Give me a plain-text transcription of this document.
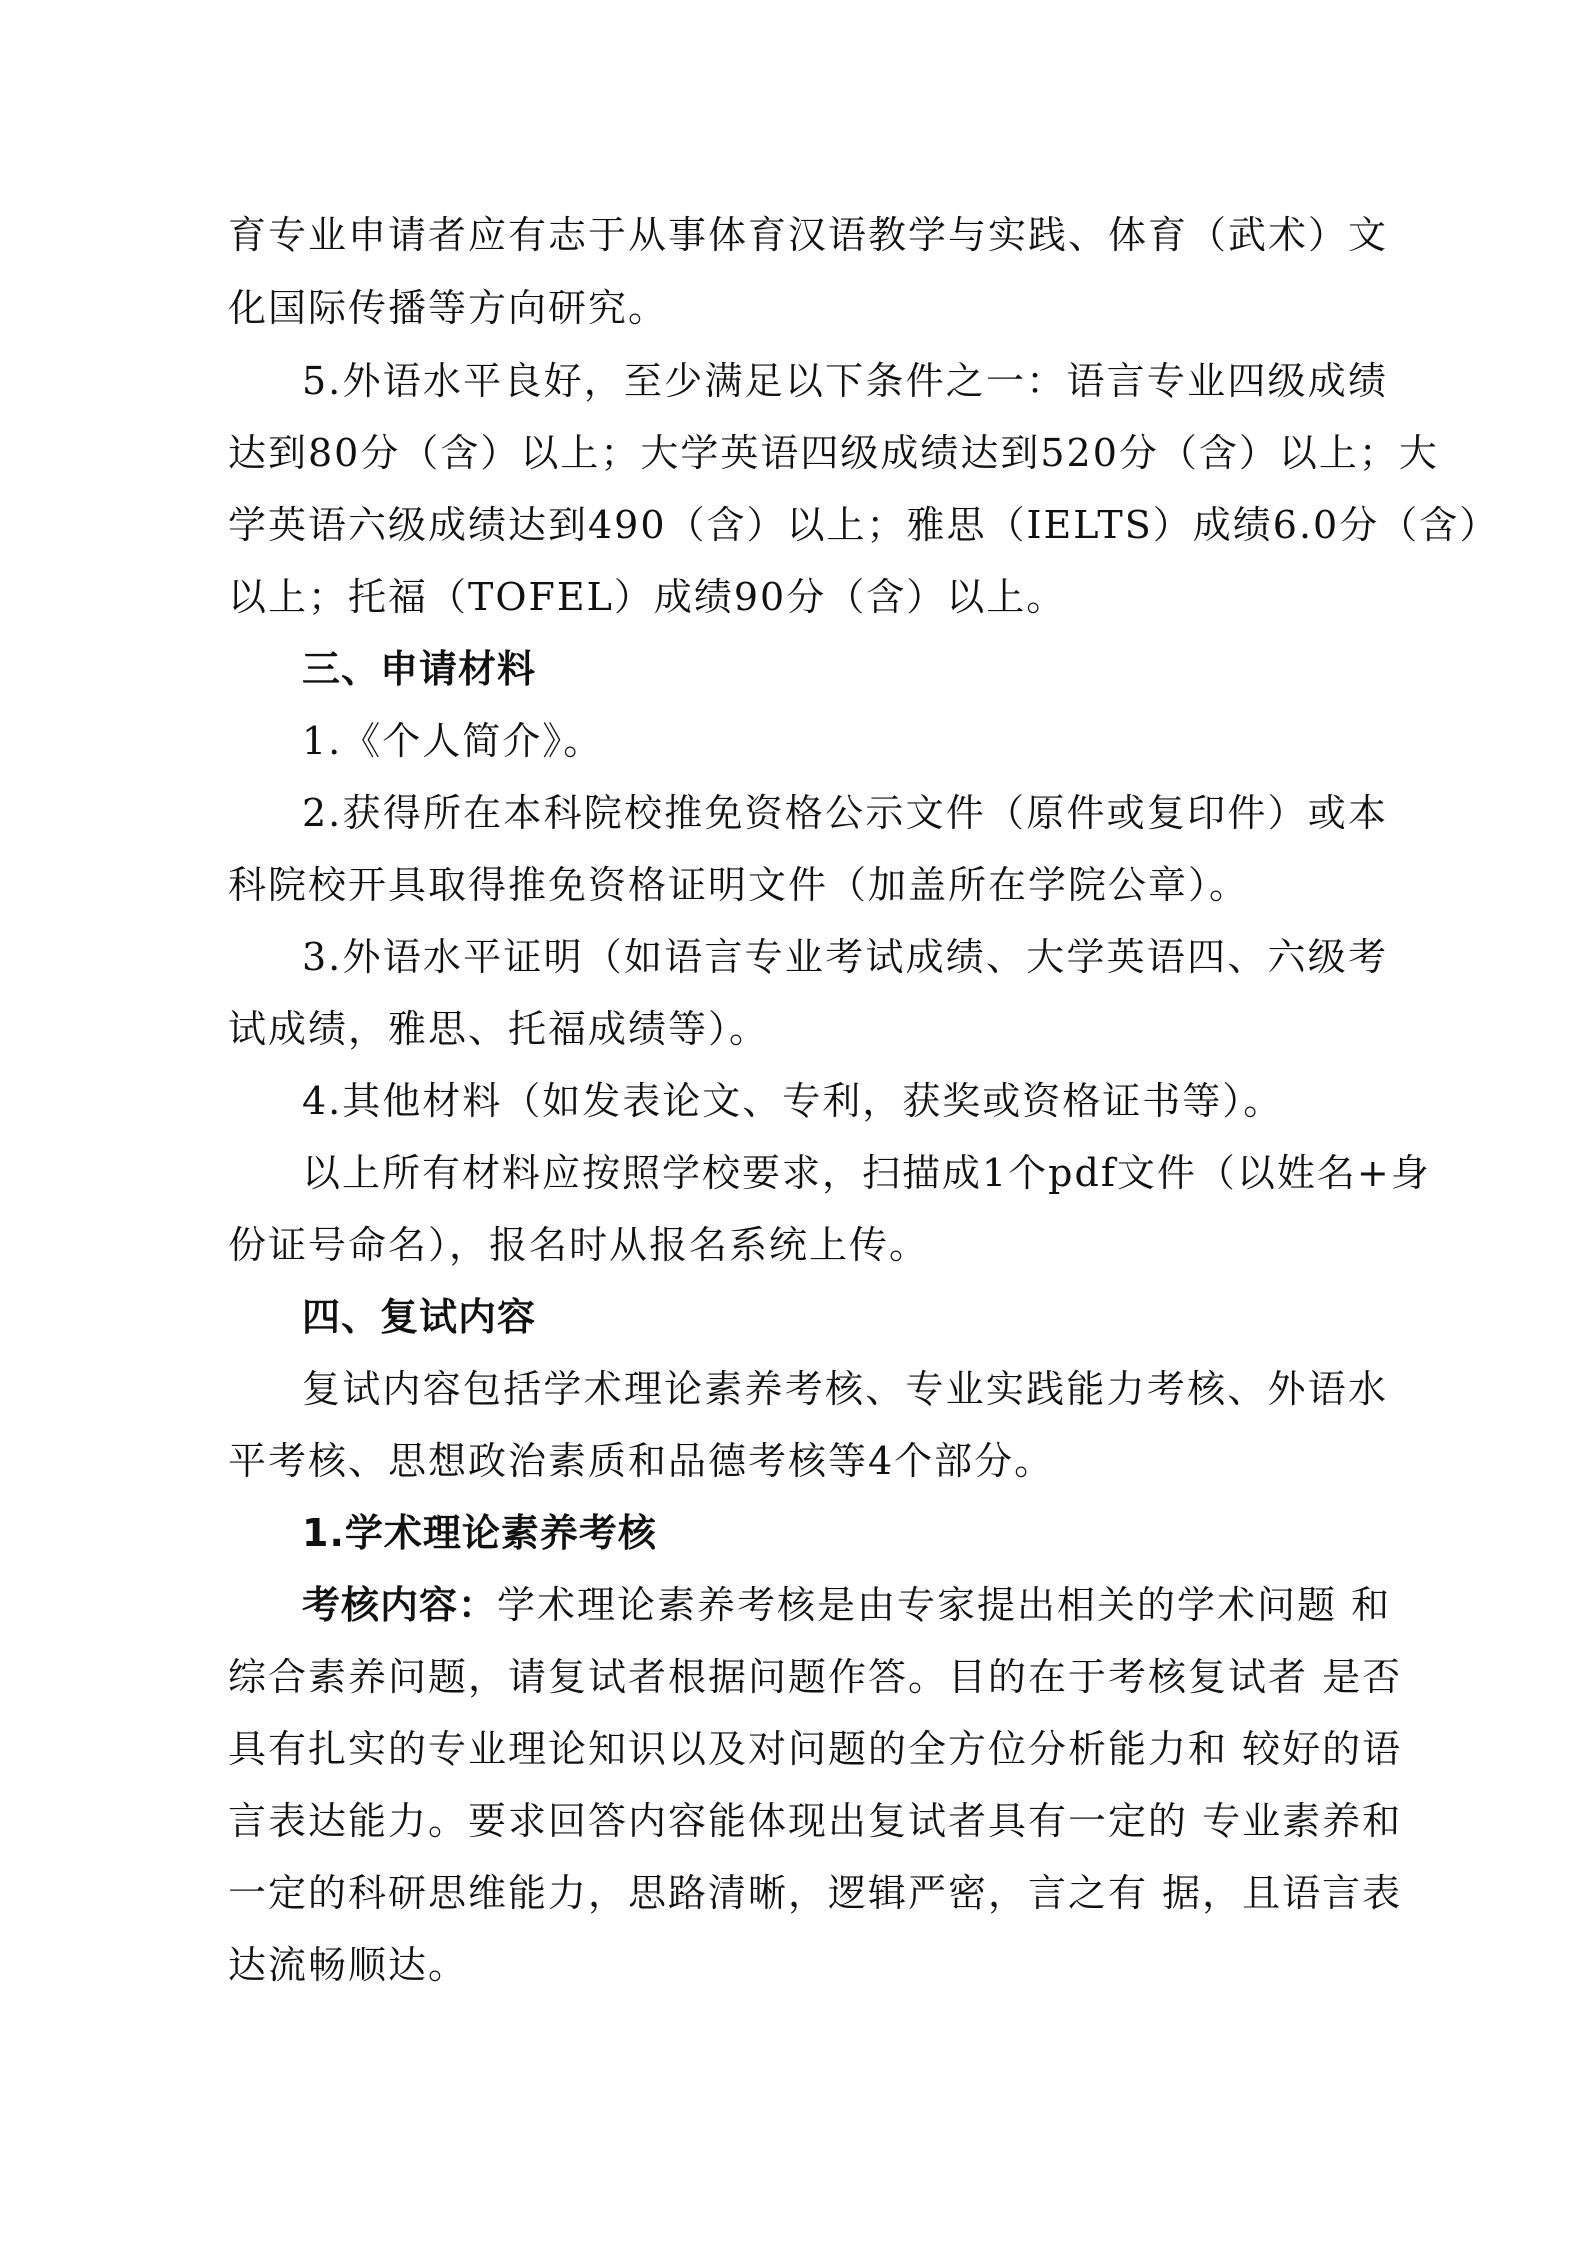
育专业申请者应有志于从事体育汉语教学与实践、体育（武术）文
化国际传播等方向研究。
5.外语水平良好，至少满足以下条件之一：语言专业四级成绩
达到80分（含）以上；大学英语四级成绩达到520分（含）以上；大
学英语六级成绩达到490（含）以上；雅思（IELTS）成绩6.0分（含）
以上；托福（TOFEL）成绩90分（含）以上。
三、申请材料
1.《个人简介》。
2.获得所在本科院校推免资格公示文件（原件或复印件）或本
科院校开具取得推免资格证明文件（加盖所在学院公章）。
3.外语水平证明（如语言专业考试成绩、大学英语四、六级考
试成绩，雅思、托福成绩等）。
4.其他材料（如发表论文、专利，获奖或资格证书等）。
以上所有材料应按照学校要求，扫描成1个pdf文件（以姓名+身
份证号命名），报名时从报名系统上传。
四、复试内容
复试内容包括学术理论素养考核、专业实践能力考核、外语水
平考核、思想政治素质和品德考核等4个部分。
1.学术理论素养考核
考核内容：学术理论素养考核是由专家提出相关的学术问题 和
综合素养问题，请复试者根据问题作答。目的在于考核复试者 是否
具有扎实的专业理论知识以及对问题的全方位分析能力和 较好的语
言表达能力。要求回答内容能体现出复试者具有一定的 专业素养和
一定的科研思维能力，思路清晰，逻辑严密，言之有 据，且语言表
达流畅顺达。
